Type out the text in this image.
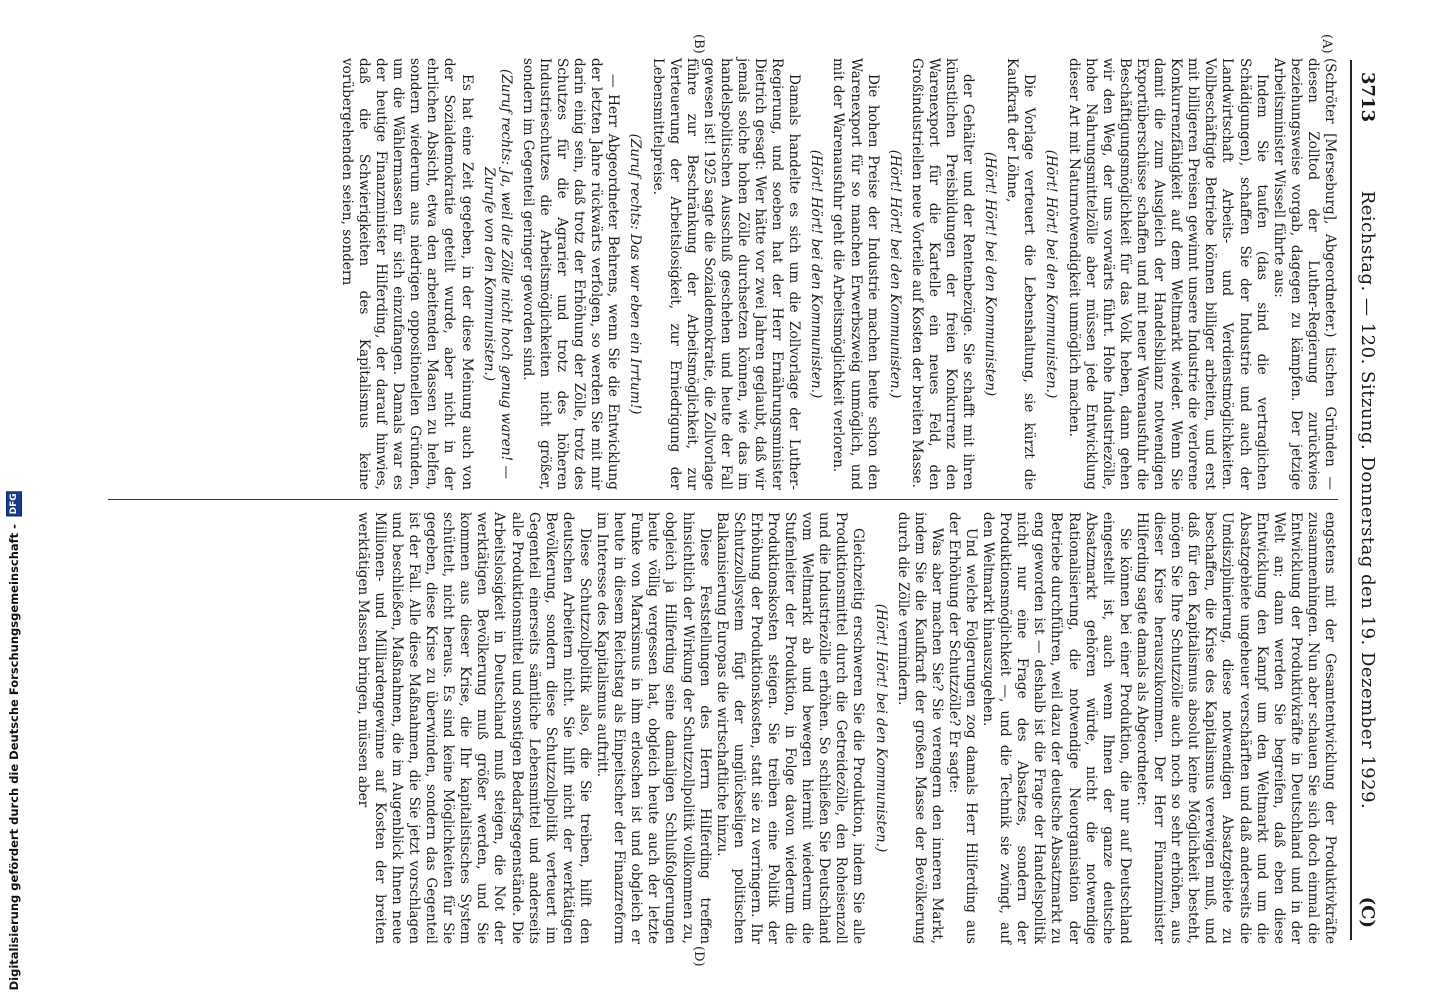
3713
Reichstag. — 120. Sitzung. Donnerstag den 19. Dezember 1929.
(C)
(A)
(B)
(D)

(Schröter [Merseburg], Abgeordneter.) tischen Gründen — diesen Zolltod der Luther-Regierung zurückwies beziehungsweise vorgab, dagegen zu kämpfen. Der jetzige Arbeitsminister Wissell führte aus:

Indem Sie taufen (das sind die vertraglichen Schädigungen), schaffen Sie der Industrie und auch der Landwirtschaft Arbeits- und Verdienstmöglichkeiten. Vollbeschäftigte Betriebe können billiger arbeiten, und erst mit billigeren Preisen gewinnt unsere Industrie die verlorene Konkurrenzfähigkeit auf dem Weltmarkt wieder. Wenn Sie damit die zum Ausgleich der Handelsbilanz notwendigen Exportüberschüsse schaffen und mit neuer Warenausfuhr die Beschäftigungsmöglichkeit für das Volk heben, dann gehen wir den Weg, der uns vorwärts führt. Hohe Industriezölle, hohe Nahrungsmittelzölle aber müssen jede Entwicklung dieser Art mit Naturnotwendigkeit unmöglich machen.

(Hört! Hört! bei den Kommunisten.)

Die Vorlage verteuert die Lebenshaltung, sie kürzt die Kaufkraft der Löhne,

(Hört! Hört! bei den Kommunisten)

der Gehälter und der Rentenbezüge. Sie schafft mit ihren künstlichen Preisbildungen der freien Konkurrenz den Warenexport für die Kartelle ein neues Feld, den Großindustriellen neue Vorteile auf Kosten der breiten Masse.

(Hört! Hört! bei den Kommunisten.)

Die hohen Preise der Industrie machen heute schon den Warenexport für so manchen Erwerbszweig unmöglich, und mit der Warenausfuhr geht die Arbeitsmöglichkeit verloren.

(Hört! Hört! bei den Kommunisten.)

Damals handelte es sich um die Zollvorlage der Luther-Regierung, und soeben hat der Herr Ernährungsminister Dietrich gesagt: Wer hätte vor zwei Jahren geglaubt, daß wir jemals solche hohen Zölle durchsetzen können, wie das im handelspolitischen Ausschuß geschehen und heute der Fall gewesen ist! 1925 sagte die Sozialdemokratie, die Zollvorlage führe zur Beschränkung der Arbeitsmöglichkeit, zur Verteuerung der Arbeitslosigkeit, zur Erniedrigung der Lebensmittelpreise.

(Zuruf rechts: Das war eben ein Irrtum!)

— Herr Abgeordneter Behrens, wenn Sie die Entwicklung der letzten Jahre rückwärts verfolgen, so werden Sie mit mir darin einig sein, daß trotz der Erhöhung der Zölle, trotz des Schutzes für die Agrarier und trotz des höheren Industrieschutzes die Arbeitsmöglichkeiten nicht größer, sondern im Gegenteil geringer geworden sind.

(Zuruf rechts: Ja, weil die Zölle nicht hoch genug waren! — Zurufe von den Kommunisten.)

Es hat eine Zeit gegeben, in der diese Meinung auch von der Sozialdemokratie geteilt wurde, aber nicht in der ehrlichen Absicht, etwa den arbeitenden Massen zu helfen, sondern wiederum aus niedrigen oppositionellen Gründen, um die Wählermassen für sich einzufangen. Damals war es der heutige Finanzminister Hilferding, der darauf hinwies, daß die Schwierigkeiten des Kapitalismus keine vorübergehenden seien, sondern

engstens mit der Gesamtentwicklung der Produktivkräfte zusammenhingen. Nun aber schauen Sie sich doch einmal die Entwicklung der Produktivkräfte in Deutschland und in der Welt an; dann werden Sie begreifen, daß eben diese Entwicklung den Kampf um den Weltmarkt und um die Absatzgebiete ungeheuer verschärften und daß anderseits die Umdisziplinierung, diese notwendigen Absatzgebiete zu beschaffen, die Krise des Kapitalismus verewigen muß, und daß für den Kapitalismus absolut keine Möglichkeit besteht, mögen Sie Ihre Schutzzölle auch noch so sehr erhöhen, aus dieser Krise herauszukommen. Der Herr Finanzminister Hilferding sagte damals als Abgeordneter:

Sie können bei einer Produktion, die nur auf Deutschland eingestellt ist, auch wenn Ihnen der ganze deutsche Absatzmarkt gehören würde, nicht die notwendige Rationalisierung, die notwendige Neuorganisation der Betriebe durchführen, weil dazu der deutsche Absatzmarkt zu eng geworden ist — deshalb ist die Frage der Handelspolitik nicht nur eine Frage des Absatzes, sondern der Produktionsmöglichkeit —, und die Technik sie zwingt, auf den Weltmarkt hinauszugehen.

Und welche Folgerungen zog damals Herr Hilferding aus der Erhöhung der Schutzzölle? Er sagte:

Was aber machen Sie? Sie verengern den inneren Markt, indem Sie die Kaufkraft der großen Masse der Bevölkerung durch die Zölle vermindern.

(Hört! Hört! bei den Kommunisten.)

Gleichzeitig erschweren Sie die Produktion, indem Sie alle Produktionsmittel durch die Getreidezölle, den Roheisenzoll und die Industriezölle erhöhen. So schließen Sie Deutschland vom Weltmarkt ab und bewegen hiermit wiederum die Stufenleiter der Produktion, in Folge davon wiederum die Produktionskosten steigen. Sie treiben eine Politik der Erhöhung der Produktionskosten, statt sie zu verringern. Ihr Schutzzollsystem fügt der unglückseligen politischen Balkanisierung Europas die wirtschaftliche hinzu.

Diese Feststellungen des Herrn Hilferding treffen hinsichtlich der Wirkung der Schutzzollpolitik vollkommen zu, obgleich ja Hilferding seine damaligen Schlußfolgerungen heute völlig vergessen hat, obgleich heute auch der letzte Funke von Marxismus in ihm erloschen ist und obgleich er heute in diesem Reichstag als Einpeitscher der Finanzreform im Interesse des Kapitalismus auftritt.

Diese Schutzzollpolitik also, die Sie treiben, hilft den deutschen Arbeitern nicht. Sie hilft nicht der werktätigen Bevölkerung, sondern diese Schutzzollpolitik verteuert im Gegenteil einerseits sämtliche Lebensmittel und anderseits alle Produktionsmittel und sonstigen Bedarfsgegenstände. Die Arbeitslosigkeit in Deutschland muß steigen, die Not der werktätigen Bevölkerung muß größer werden, und Sie kommen aus dieser Krise, die Ihr kapitalistisches System schüttelt, nicht heraus. Es sind keine Möglichkeiten für Sie gegeben, diese Krise zu überwinden, sondern das Gegenteil ist der Fall. Alle diese Maßnahmen, die Sie jetzt vorschlagen und beschließen, Maßnahmen, die im Augenblick Ihnen neue Millionen- und Milliardengewinne auf Kosten der breiten werktätigen Massen bringen, müssen aber

Digitalisierung gefördert durch die Deutsche Forschungsgemeinschaft - DFG
